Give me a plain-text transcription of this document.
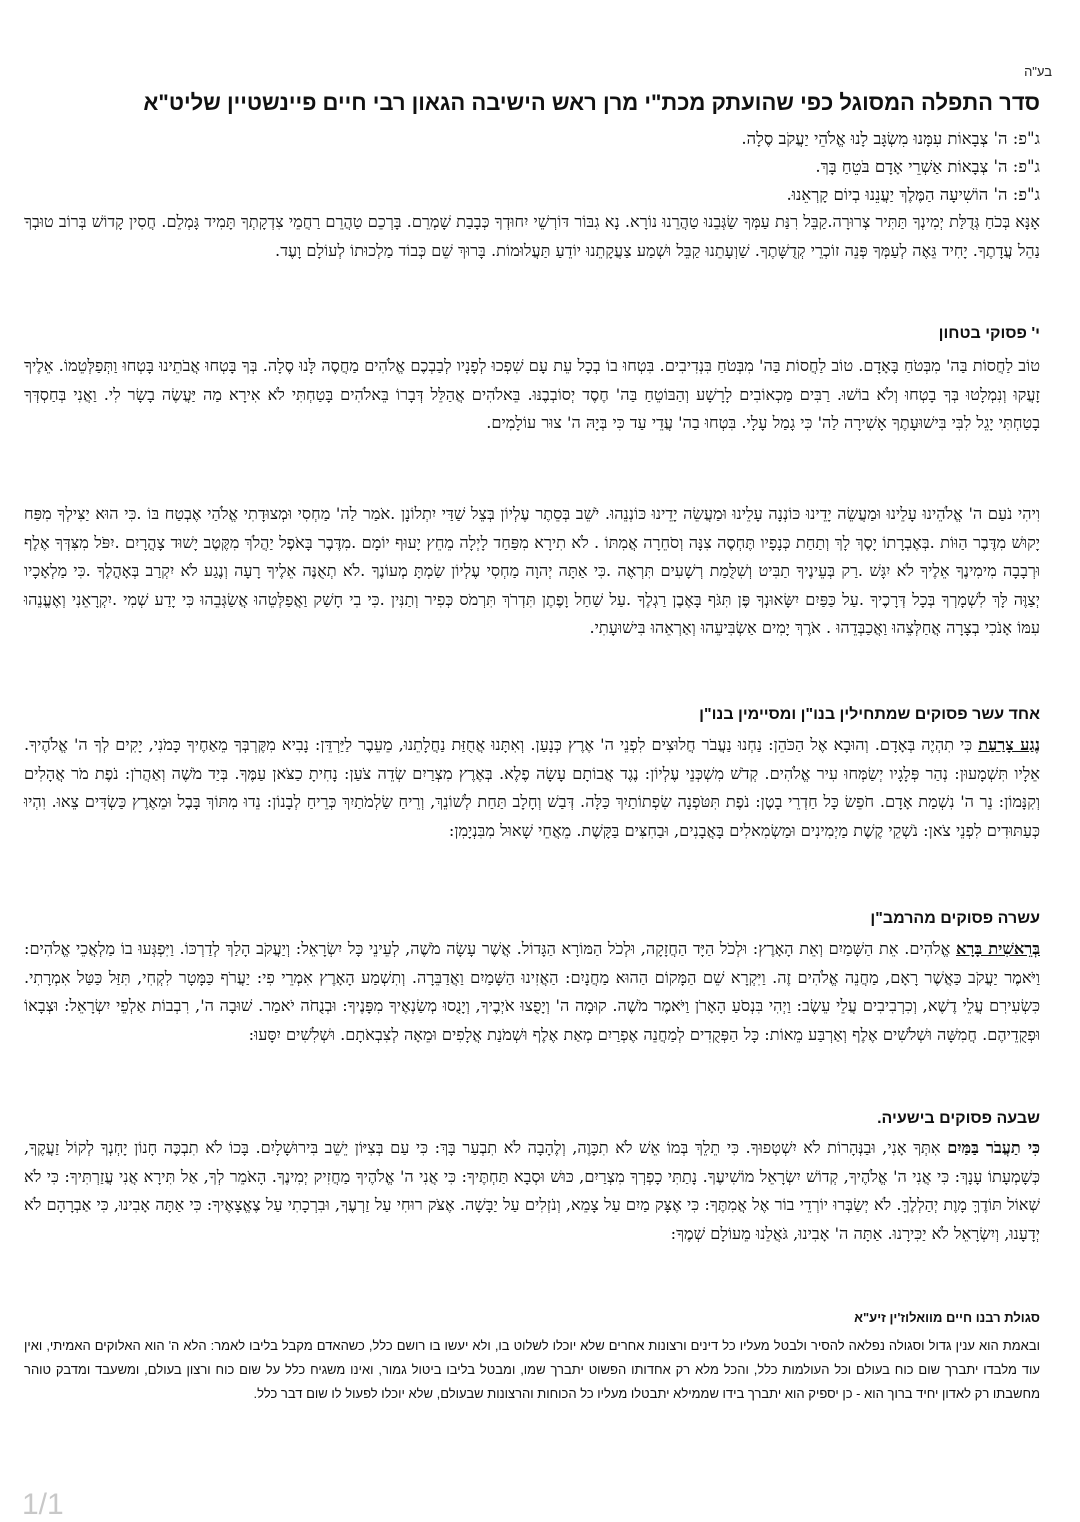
בע"ה
סדר התפלה המסוגל כפי שהועתק מכת"י מרן ראש הישיבה הגאון רבי חיים פיינשטיין שליט"א
ג"פ: ה' צְבָאוֹת עִמָּנוּ מִשְׂגָּב לָנוּ אֱלֹהֵי יַעֲקֹב סֶלָה.
ג"פ: ה' צְבָאוֹת אַשְׁרֵי אָדָם בֹּטֵחַ בָּךְ.
ג"פ: ה' הוֹשִׁיעָה הַמֶּלֶךְ יַעֲנֵנוּ בְיוֹם קָרְאֵנוּ.
אָנָּא בְּכֹחַ גְּדֻלַּת יְמִינְךָ תַּתִּיר צְרוּרָה.קַבֵּל רִנַּת עַמְּךָ שַׂגְּבֵנוּ טַהֲרֵנוּ נוֹרָא. נָא גִבּוֹר דּוֹרְשֵׁי יִחוּדְךָ כְּבָבַת שָׁמְרֵם. בָּרְכֵם טַהֲרֵם רַחֲמֵי צִדְקָתְךָ תָּמִיד גָּמְלֵם. חֲסִין קָדוֹשׁ בְּרוֹב טוּבְךָ נַהֵל עֲדָתֶךָ. יָחִיד גֵּאֶה לְעַמְּךָ פְּנֵה זוֹכְרֵי קְדֻשָּׁתֶךָ. שַׁוְעָתֵנוּ קַבֵּל וּשְׁמַע צַעֲקָתֵנוּ יוֹדֵעַ תַּעֲלוּמוֹת. בָּרוּךְ שֵׁם כְּבוֹד מַלְכוּתוֹ לְעוֹלָם וָעֶד.
י' פסוקי בטחון
טוֹב לַחֲסוֹת בַּה' מִבְּטֹחַ בָּאָדָם. טוֹב לַחֲסוֹת בַּה' מִבְּטֹחַ בִּנְדִיבִים. בִּטְחוּ בוֹ בְכָל עֵת עָם שִׁפְכוּ לְפָנָיו לְבַבְכֶם אֱלֹהִים מַחֲסֶה לָּנוּ סֶלָה. בְּךָ בָּטְחוּ אֲבֹתֵינוּ בָּטְחוּ וַתְּפַלְּטֵמוֹ. אֵלֶיךָ זָעֲקוּ וְנִמְלָטוּ בְּךָ בָטְחוּ וְלֹא בוֹשׁוּ. רַבִּים מַכְאוֹבִים לָרָשָׁע וְהַבּוֹטֵחַ בַּה' חֶסֶד יְסוֹבְבֶנּוּ. בֵּאלֹהִים אֲהַלֵּל דְּבָרוֹ בֵּאלֹהִים בָּטַחְתִּי לֹא אִירָא מַה יַּעֲשֶׂה בָשָׂר לִי. וַאֲנִי בְּחַסְדְּךָ בָטַחְתִּי יָגֵל לִבִּי בִּישׁוּעָתֶךָ אָשִׁירָה לַה' כִּי גָמַל עָלָי. בִּטְחוּ בַה' עֲדֵי עַד כִּי בְּיָהּ ה' צוּר עוֹלָמִים.
וִיהִי נֹעַם ה' אֱלֹהֵינוּ עָלֵינוּ וּמַעֲשֵׂה יָדֵינוּ כּוֹנְנָה עָלֵינוּ וּמַעֲשֵׂה יָדֵינוּ כּוֹנְנֵהוּ. יֹשֵׁב בְּסֵתֶר עֶלְיוֹן בְּצֵל שַׁדַּי יִתְלוֹנָן .אֹמַר לַה' מַחְסִי וּמְצוּדָתִי אֱלֹהַי אֶבְטַח בּוֹ .כִּי הוּא יַצִּילְךָ מִפַּח יָקוּשׁ מִדֶּבֶר הַוּוֹת .בְּאֶבְרָתוֹ יָסֶךְ לָךְ וְתַחַת כְּנָפָיו תֶּחְסֶה צִנָּה וְסֹחֵרָה אֲמִתּוֹ . לֹא תִירָא מִפַּחַד לָיְלָה מֵחֵץ יָעוּף יוֹמָם .מִדֶּבֶר בָּאֹפֶל יַהֲלֹךְ מִקֶּטֶב יָשׁוּד צָהֳרָיִם .יִפֹּל מִצִּדְּךָ אֶלֶף וּרְבָבָה מִימִינֶךָ אֵלֶיךָ לֹא יִגָּשׁ .רַק בְּעֵינֶיךָ תַבִּיט וְשִׁלֻּמַת רְשָׁעִים תִּרְאֶה .כִּי אַתָּה יְהוָה מַחְסִי עֶלְיוֹן שַׂמְתָּ מְעוֹנֶךָ .לֹא תְאֻנֶּה אֵלֶיךָ רָעָה וְנֶגַע לֹא יִקְרַב בְּאָהֳלֶךָ .כִּי מַלְאָכָיו יְצַוֶּה לָּךְ לִשְׁמָרְךָ בְּכָל דְּרָכֶיךָ .עַל כַּפַּיִם יִשָּׂאוּנְךָ פֶּן תִּגֹּף בָּאֶבֶן רַגְלֶךָ .עַל שַׁחַל וָפֶתֶן תִּדְרֹךְ תִּרְמֹס כְּפִיר וְתַנִּין .כִּי בִי חָשַׁק וַאֲפַלְּטֵהוּ אֲשַׂגְּבֵהוּ כִּי יָדַע שְׁמִי .יִקְרָאֵנִי וְאֶעֱנֵהוּ עִמּוֹ אָנֹכִי בְצָרָה אֲחַלְּצֵהוּ וַאֲכַבְּדֵהוּ . אֹרֶךְ יָמִים אַשְׂבִּיעֵהוּ וְאַרְאֵהוּ בִּישׁוּעָתִי.
אחד עשר פסוקים שמתחילין בנו"ן ומסיימין בנו"ן
נֶגַע צָרַעַת כִּי תִהְיֶה בְּאָדָם. וְהוּבָא אֶל הַכֹּהֵן: נַחְנוּ נַעֲבֹר חֲלוּצִים לִפְנֵי ה' אֶרֶץ כְּנָעַן. וְאִתָּנוּ אֲחֻזַּת נַחֲלָתֵנוּ, מֵעֵבֶר לַיַּרְדֵּן: נָבִיא מִקֶּרְבְּךָ מֵאַחֶיךָ כָּמֹנִי, יָקִים לְךָ ה' אֱלֹהֶיךָ. אֵלָיו תִּשְׁמָעוּן: נְהַר פְּלָגָיו יְשַׂמְּחוּ עִיר אֱלֹהִים. קְדֹשׁ מִשְׁכְּנֵי עֶלְיוֹן: נֶגֶד אֲבוֹתָם עָשָׂה פֶלֶא. בְּאֶרֶץ מִצְרַיִם שְׂדֵה צֹעַן: נָחִיתָ כַצֹּאן עַמֶּךָ. בְּיַד מֹשֶׁה וְאַהֲרֹן: נֹפֶת מֹר אֲהָלִים וְקִנָּמוֹן: נֵר ה' נִשְׁמַת אָדָם. חֹפֵשׂ כָּל חַדְרֵי בָטֶן: נֹפֶת תִּטֹּפְנָה שִׂפְתוֹתַיִךְ כַּלָּה. דְּבַשׁ וְחָלָב תַּחַת לְשׁוֹנֵךְ, וְרֵיחַ שַׂלְמֹתַיִךְ כְּרֵיחַ לְבָנוֹן: נֵדוּ מִתּוֹךְ בָּבֶל וּמֵאֶרֶץ כַּשְׂדִּים צֵאוּ. וִהְיוּ כְּעַתּוּדִים לִפְנֵי צֹאן: נֹשְׁקֵי קֶשֶׁת מַיְמִינִים וּמַשְׂמִאלִים בָּאֲבָנִים, וּבַחִצִּים בַּקָּשֶׁת. מֵאֲחֵי שָׁאוּל מִבִּנְיָמִן:
עשרה פסוקים מהרמב"ן
בְּרֵאשִׁית בָּרָא אֱלֹהִים. אֵת הַשָּׁמַיִם וְאֵת הָאָרֶץ: וּלְכֹל הַיָּד הַחֲזָקָה, וּלְכֹל הַמּוֹרָא הַגָּדוֹל. אֲשֶׁר עָשָׂה מֹשֶׁה, לְעֵינֵי כָּל יִשְׂרָאֵל: וְיַעֲקֹב הָלַךְ לְדַרְכּוֹ. וַיִּפְגְּעוּ בוֹ מַלְאֲכֵי אֱלֹהִים: וַיֹּאמֶר יַעֲקֹב כַּאֲשֶׁר רָאָם, מַחֲנֵה אֱלֹהִים זֶה. וַיִּקְרָא שֵׁם הַמָּקוֹם הַהוּא מַחֲנָיִם: הַאֲזִינוּ הַשָּׁמַיִם וַאֲדַבֵּרָה. וְתִשְׁמַע הָאָרֶץ אִמְרֵי פִי: יַעֲרֹף כַּמָּטָר לִקְחִי, תִּזַּל כַּטַּל אִמְרָתִי. כִּשְׂעִירִם עֲלֵי דֶשֶׁא, וְכִרְבִיבִים עֲלֵי עֵשֶׂב: וַיְהִי בִּנְסֹעַ הָאָרֹן וַיֹּאמֶר מֹשֶׁה. קוּמָה ה' וְיָפֻצוּ אֹיְבֶיךָ, וְיָנֻסוּ מְשַׂנְאֶיךָ מִפָּנֶיךָ: וּבְנֻחֹה יֹאמַר. שׁוּבָה ה', רִבְבוֹת אַלְפֵי יִשְׂרָאֵל: וּצְבָאוֹ וּפְקֻדֵיהֶם. חֲמִשָּׁה וּשְׁלֹשִׁים אֶלֶף וְאַרְבַּע מֵאוֹת: כָּל הַפְּקֻדִים לְמַחֲנֵה אֶפְרַיִם מְאַת אֶלֶף וּשְׁמֹנַת אֲלָפִים וּמֵאָה לְצִבְאֹתָם. וּשְׁלִשִׁים יִסָּעוּ:
שבעה פסוקים בישעיה.
כִּי תַעֲבֹר בַּמַּיִם אִתְּךָ אָנִי, וּבַנְּהָרוֹת לֹא יִשְׁטְפוּךָ. כִּי תֵלֵךְ בְּמוֹ אֵשׁ לֹא תִכָּוֶה, וְלֶהָבָה לֹא תִבְעַר בָּךְ: כִּי עַם בְּצִיּוֹן יֵשֵׁב בִּירוּשָׁלָיִם. בָּכוֹ לֹא תִבְכֶּה חָנוֹן יָחְנְךָ לְקוֹל זַעֲקֶךָ, כְּשָׁמְעָתוֹ עָנָךְ: כִּי אֲנִי ה' אֱלֹהֶיךָ, קְדוֹשׁ יִשְׂרָאֵל מוֹשִׁיעֶךָ. נָתַתִּי כָפְרְךָ מִצְרַיִם, כּוּשׁ וּסְבָא תַּחְתֶּיךָ: כִּי אֲנִי ה' אֱלֹהֶיךָ מַחֲזִיק יְמִינֶךָ. הָאֹמֵר לְךָ, אַל תִּירָא אֲנִי עֲזַרְתִּיךָ: כִּי לֹא שְׁאוֹל תּוֹדֶךָּ מָוֶת יְהַלְלֶךָּ. לֹא יְשַׂבְּרוּ יוֹרְדֵי בוֹר אֶל אֲמִתֶּךָ: כִּי אֶצָּק מַיִם עַל צָמֵא, וְנֹזְלִים עַל יַבָּשָׁה. אֶצֹּק רוּחִי עַל זַרְעֶךָ, וּבִרְכָתִי עַל צֶאֱצָאֶיךָ: כִּי אַתָּה אָבִינוּ, כִּי אַבְרָהָם לֹא יְדָעָנוּ, וְיִשְׂרָאֵל לֹא יַכִּירָנוּ. אַתָּה ה' אָבִינוּ, גֹּאֲלֵנוּ מֵעוֹלָם שְׁמֶךָ:
סגולת רבנו חיים מוואלוז'ין זיע"א
ובאמת הוא ענין גדול וסגולה נפלאה להסיר ולבטל מעליו כל דינים ורצונות אחרים שלא יוכלו לשלוט בו, ולא יעשו בו רושם כלל, כשהאדם מקבל בליבו לאמר: הלא ה' הוא האלוקים האמיתי, ואין עוד מלבדו יתברך שום כוח בעולם וכל העולמות כלל, והכל מלא רק אחדותו הפשוט יתברך שמו, ומבטל בליבו ביטול גמור, ואינו משגיח כלל על שום כוח ורצון בעולם, ומשעבד ומדבק טוהר מחשבתו רק לאדון יחיד ברוך הוא - כן יספיק הוא יתברך בידו שממילא יתבטלו מעליו כל הכוחות והרצונות שבעולם, שלא יוכלו לפעול לו שום דבר כלל.
1/1
